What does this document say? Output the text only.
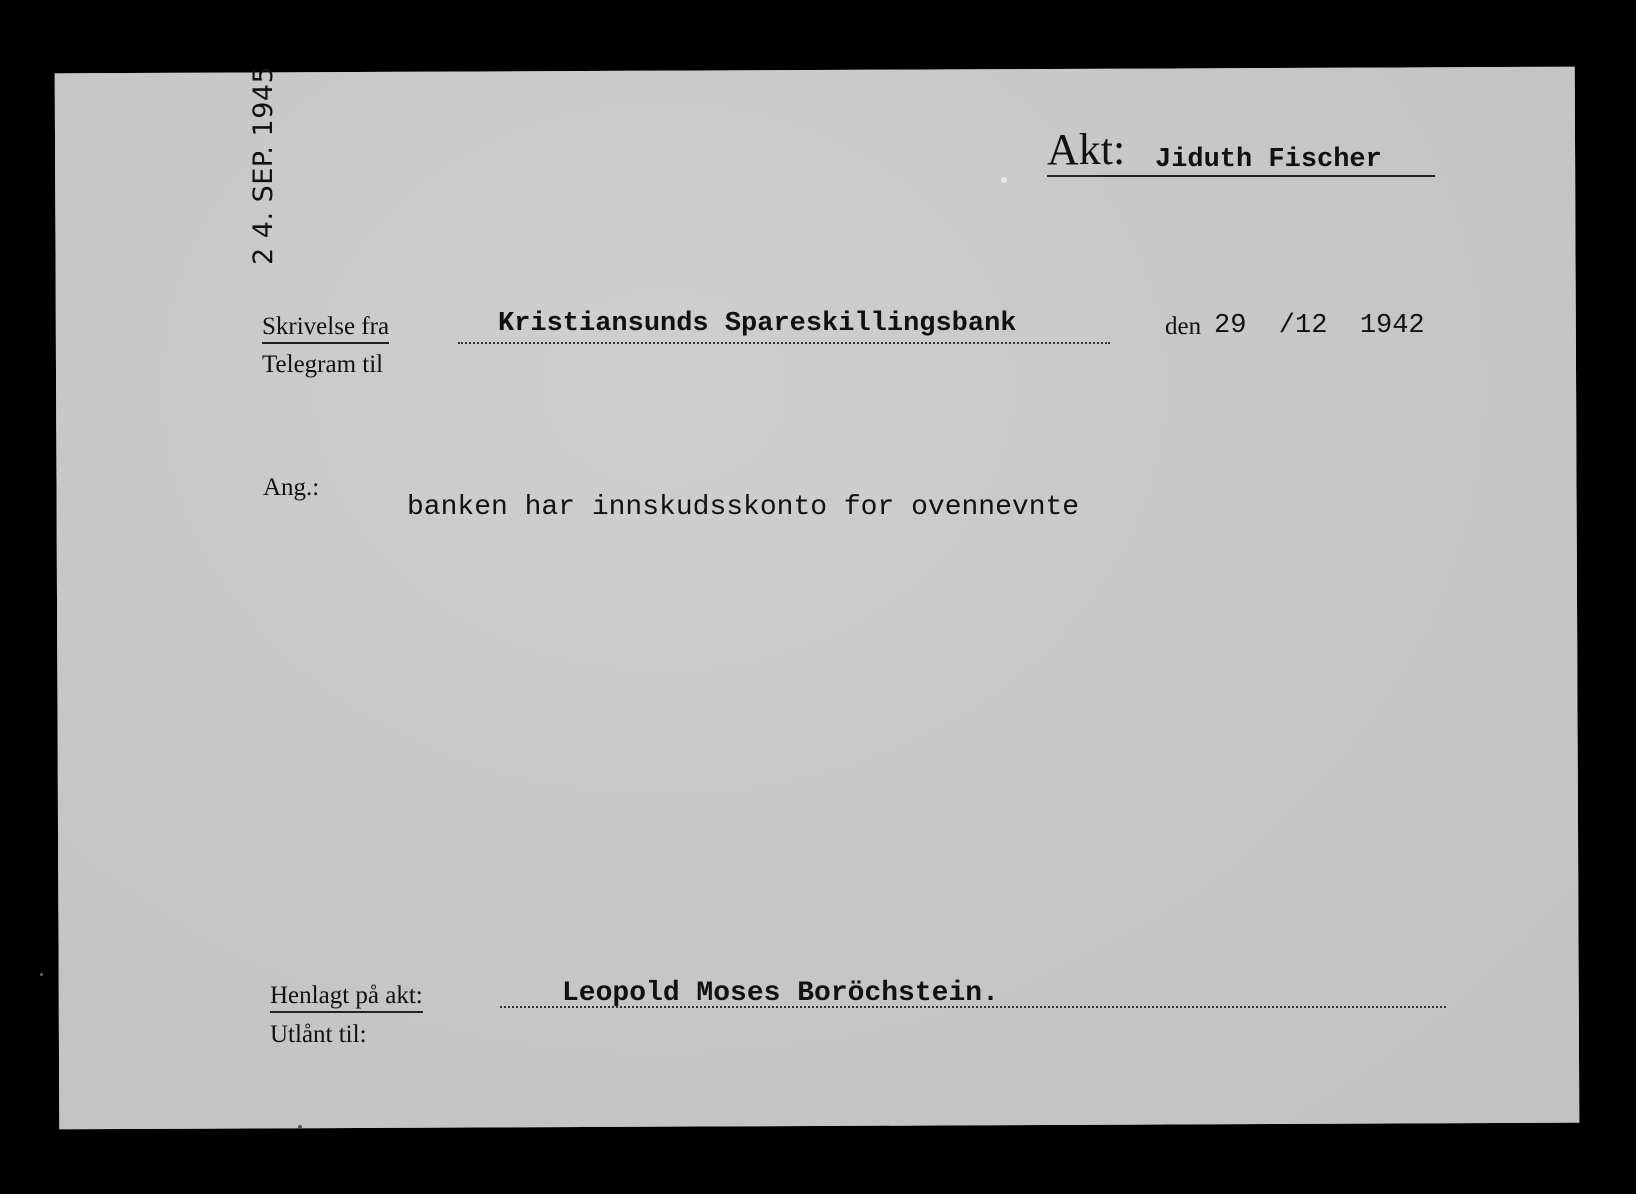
2 4. SEP. 1945	Akt: Jiduth Fischer
Skrivelse fra
Telegram til
Kristiansunds Spareskillingsbank	den 29  /12  1942
Ang.:
banken har innskudsskonto for ovennevnte
Henlagt på akt:	Leopold Moses Boröchstein.
Utlånt til:
